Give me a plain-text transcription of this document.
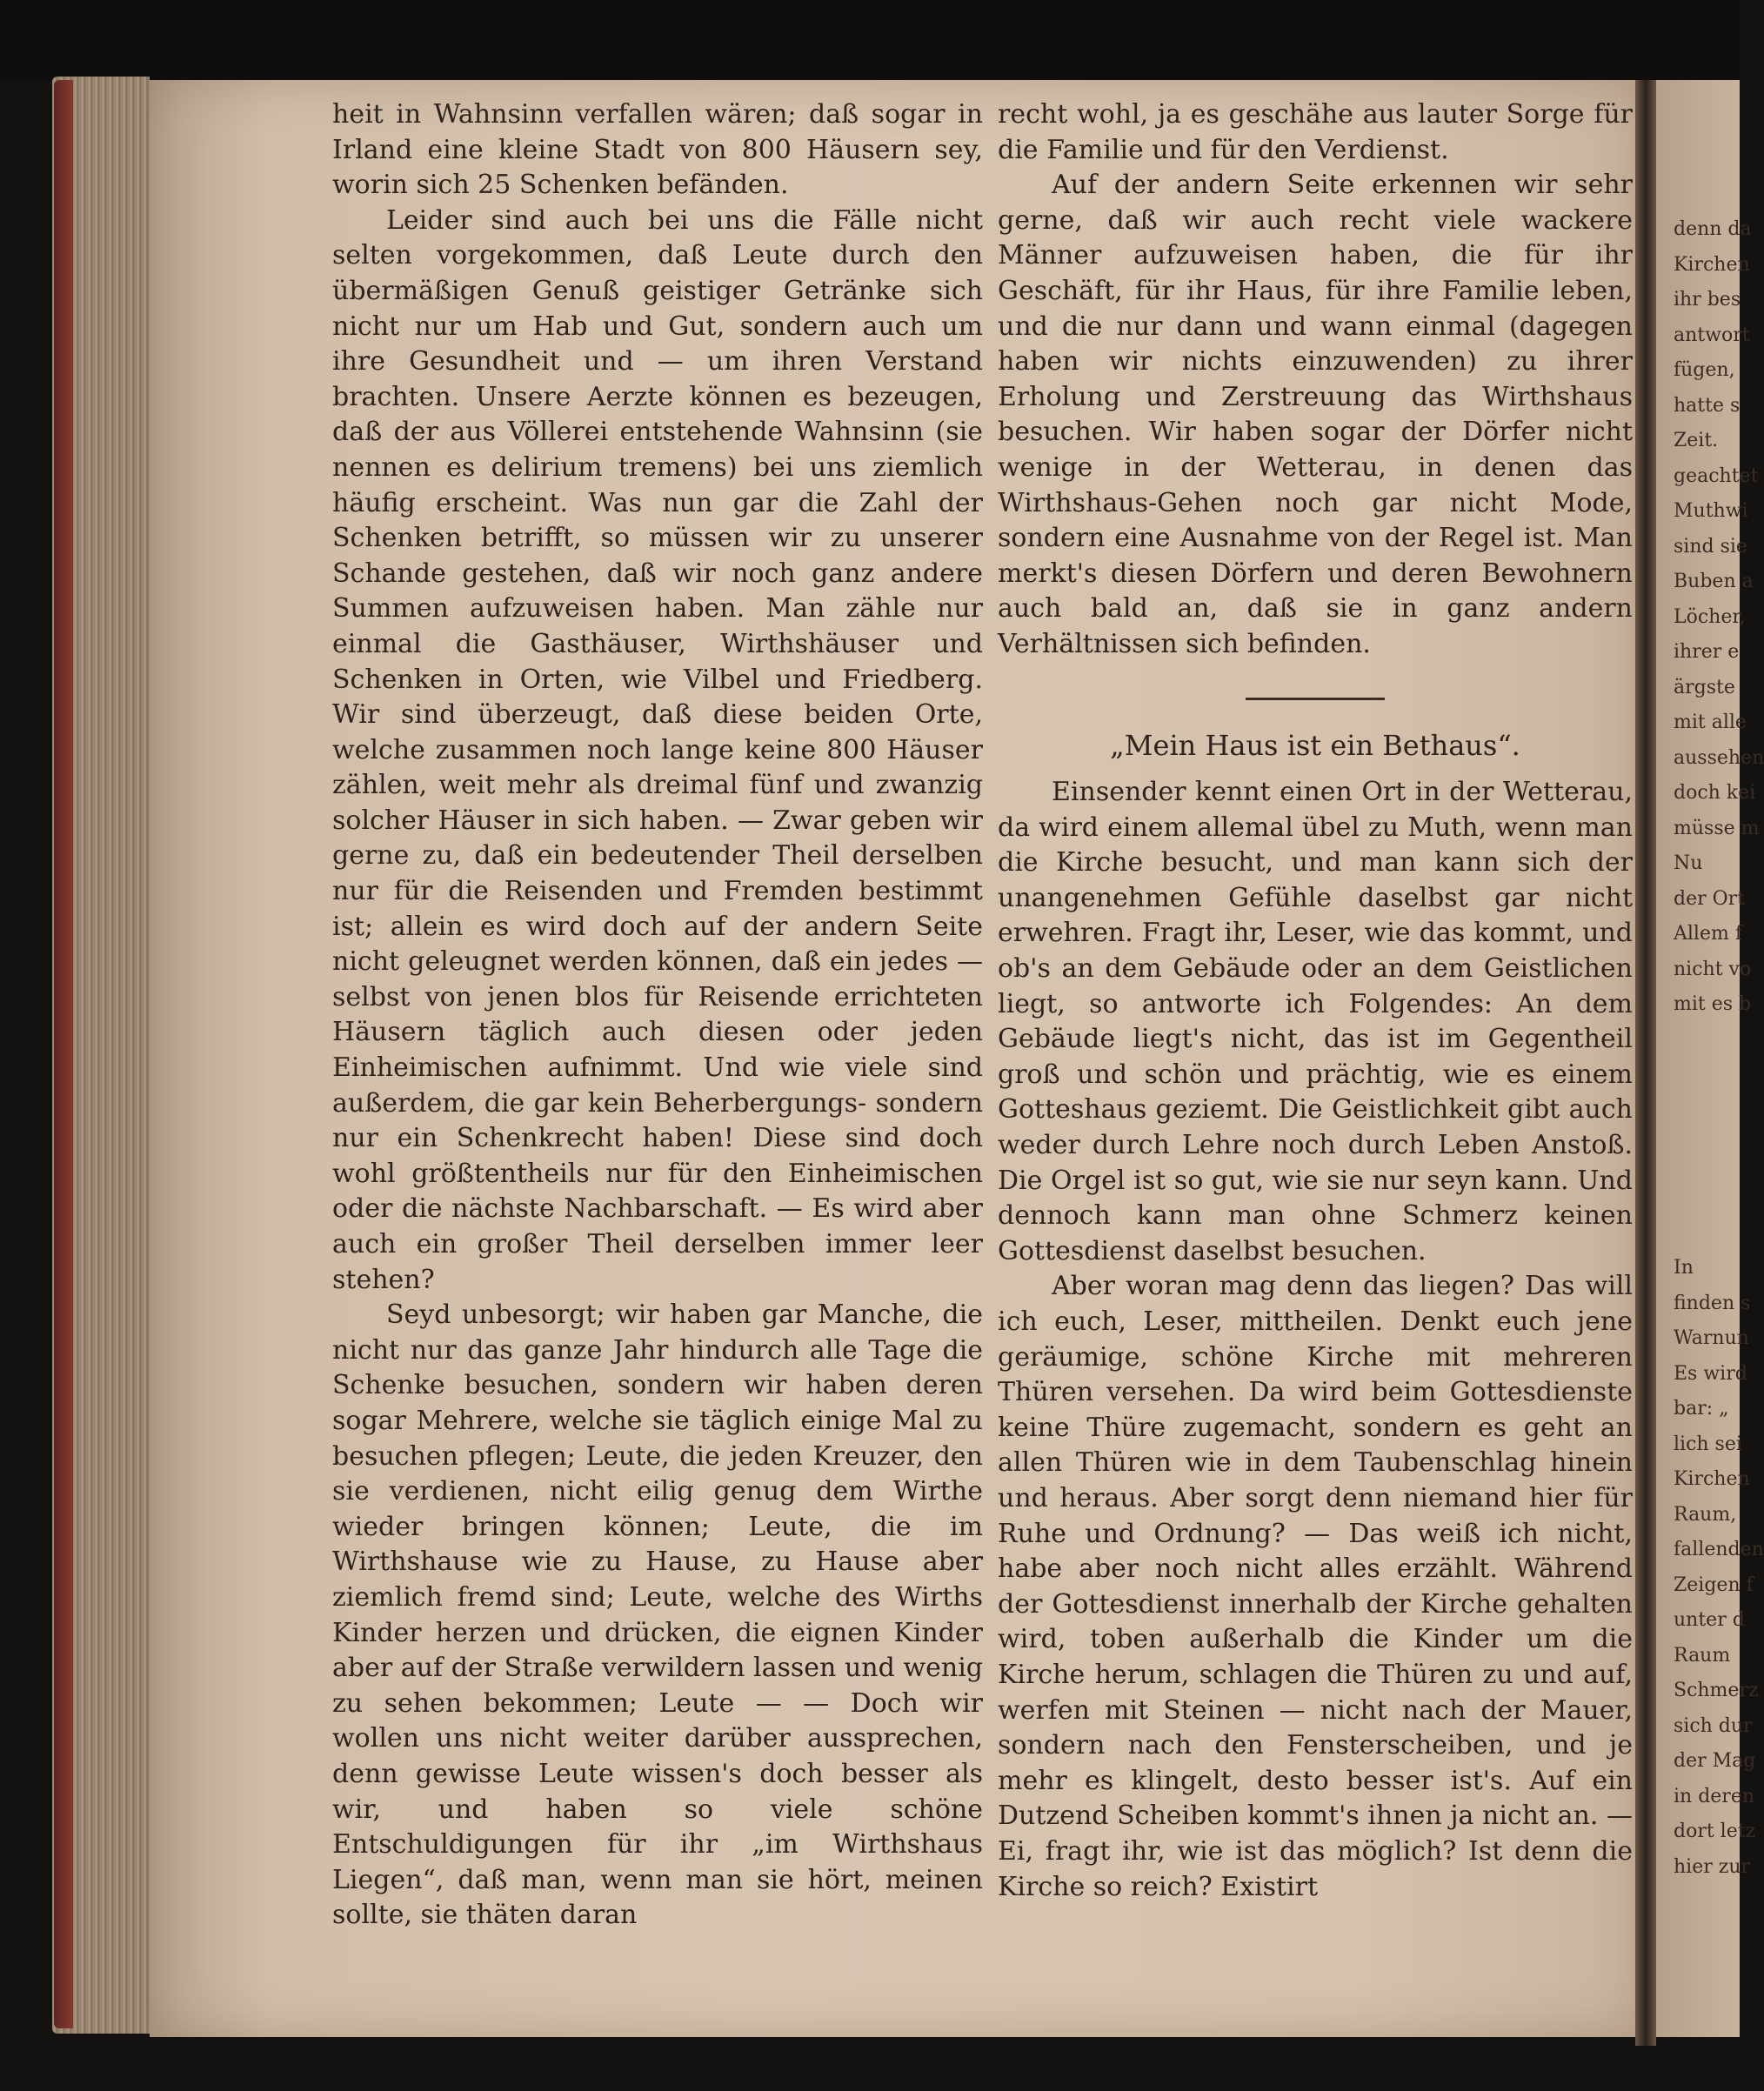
heit in Wahnsinn verfallen wären; daß sogar in Irland eine kleine Stadt von 800 Häusern sey, worin sich 25 Schenken befänden.

Leider sind auch bei uns die Fälle nicht selten vorgekommen, daß Leute durch den übermäßigen Genuß geistiger Getränke sich nicht nur um Hab und Gut, sondern auch um ihre Gesundheit und — um ihren Verstand brachten. Unsere Aerzte können es bezeugen, daß der aus Völlerei entstehende Wahnsinn (sie nennen es delirium tremens) bei uns ziemlich häufig erscheint. Was nun gar die Zahl der Schenken betrifft, so müssen wir zu unserer Schande gestehen, daß wir noch ganz andere Summen aufzuweisen haben. Man zähle nur einmal die Gasthäuser, Wirthshäuser und Schenken in Orten, wie Vilbel und Friedberg. Wir sind überzeugt, daß diese beiden Orte, welche zusammen noch lange keine 800 Häuser zählen, weit mehr als dreimal fünf und zwanzig solcher Häuser in sich haben. — Zwar geben wir gerne zu, daß ein bedeutender Theil derselben nur für die Reisenden und Fremden bestimmt ist; allein es wird doch auf der andern Seite nicht geleugnet werden können, daß ein jedes — selbst von jenen blos für Reisende errichteten Häusern täglich auch diesen oder jeden Einheimischen aufnimmt. Und wie viele sind außerdem, die gar kein Beherbergungs- sondern nur ein Schenkrecht haben! Diese sind doch wohl größtentheils nur für den Einheimischen oder die nächste Nachbarschaft. — Es wird aber auch ein großer Theil derselben immer leer stehen?

Seyd unbesorgt; wir haben gar Manche, die nicht nur das ganze Jahr hindurch alle Tage die Schenke besuchen, sondern wir haben deren sogar Mehrere, welche sie täglich einige Mal zu besuchen pflegen; Leute, die jeden Kreuzer, den sie verdienen, nicht eilig genug dem Wirthe wieder bringen können; Leute, die im Wirthshause wie zu Hause, zu Hause aber ziemlich fremd sind; Leute, welche des Wirths Kinder herzen und drücken, die eignen Kinder aber auf der Straße verwildern lassen und wenig zu sehen bekommen; Leute — — Doch wir wollen uns nicht weiter darüber aussprechen, denn gewisse Leute wissen's doch besser als wir, und haben so viele schöne Entschuldigungen für ihr „im Wirthshaus Liegen“, daß man, wenn man sie hört, meinen sollte, sie thäten daran

recht wohl, ja es geschähe aus lauter Sorge für die Familie und für den Verdienst.

Auf der andern Seite erkennen wir sehr gerne, daß wir auch recht viele wackere Männer aufzuweisen haben, die für ihr Geschäft, für ihr Haus, für ihre Familie leben, und die nur dann und wann einmal (dagegen haben wir nichts einzuwenden) zu ihrer Erholung und Zerstreuung das Wirthshaus besuchen. Wir haben sogar der Dörfer nicht wenige in der Wetterau, in denen das Wirthshaus-Gehen noch gar nicht Mode, sondern eine Ausnahme von der Regel ist. Man merkt's diesen Dörfern und deren Bewohnern auch bald an, daß sie in ganz andern Verhältnissen sich befinden.

„Mein Haus ist ein Bethaus“.

Einsender kennt einen Ort in der Wetterau, da wird einem allemal übel zu Muth, wenn man die Kirche besucht, und man kann sich der unangenehmen Gefühle daselbst gar nicht erwehren. Fragt ihr, Leser, wie das kommt, und ob's an dem Gebäude oder an dem Geistlichen liegt, so antworte ich Folgendes: An dem Gebäude liegt's nicht, das ist im Gegentheil groß und schön und prächtig, wie es einem Gotteshaus geziemt. Die Geistlichkeit gibt auch weder durch Lehre noch durch Leben Anstoß. Die Orgel ist so gut, wie sie nur seyn kann. Und dennoch kann man ohne Schmerz keinen Gottesdienst daselbst besuchen.

Aber woran mag denn das liegen? Das will ich euch, Leser, mittheilen. Denkt euch jene geräumige, schöne Kirche mit mehreren Thüren versehen. Da wird beim Gottesdienste keine Thüre zugemacht, sondern es geht an allen Thüren wie in dem Taubenschlag hinein und heraus. Aber sorgt denn niemand hier für Ruhe und Ordnung? — Das weiß ich nicht, habe aber noch nicht alles erzählt. Während der Gottesdienst innerhalb der Kirche gehalten wird, toben außerhalb die Kinder um die Kirche herum, schlagen die Thüren zu und auf, werfen mit Steinen — nicht nach der Mauer, sondern nach den Fensterscheiben, und je mehr es klingelt, desto besser ist's. Auf ein Dutzend Scheiben kommt's ihnen ja nicht an. — Ei, fragt ihr, wie ist das möglich? Ist denn die Kirche so reich? Existirt

denn da
Kirchen
ihr bes
antwort
fügen,
hatte s
Zeit.
geachtet
Muthwi
sind sie
Buben a
Löcher,
ihrer e
ärgste
mit alle
aussehen
doch kei
müsse m
Nu
der Ort
Allem f
nicht vo
mit es b
In
finden s
Warnun
Es wird
bar: „
lich sei
Kirchen
Raum,
fallenden
Zeigen f
unter d
Raum
Schmerz
sich dur
der Mag
in deren
dort letz
hier zur
